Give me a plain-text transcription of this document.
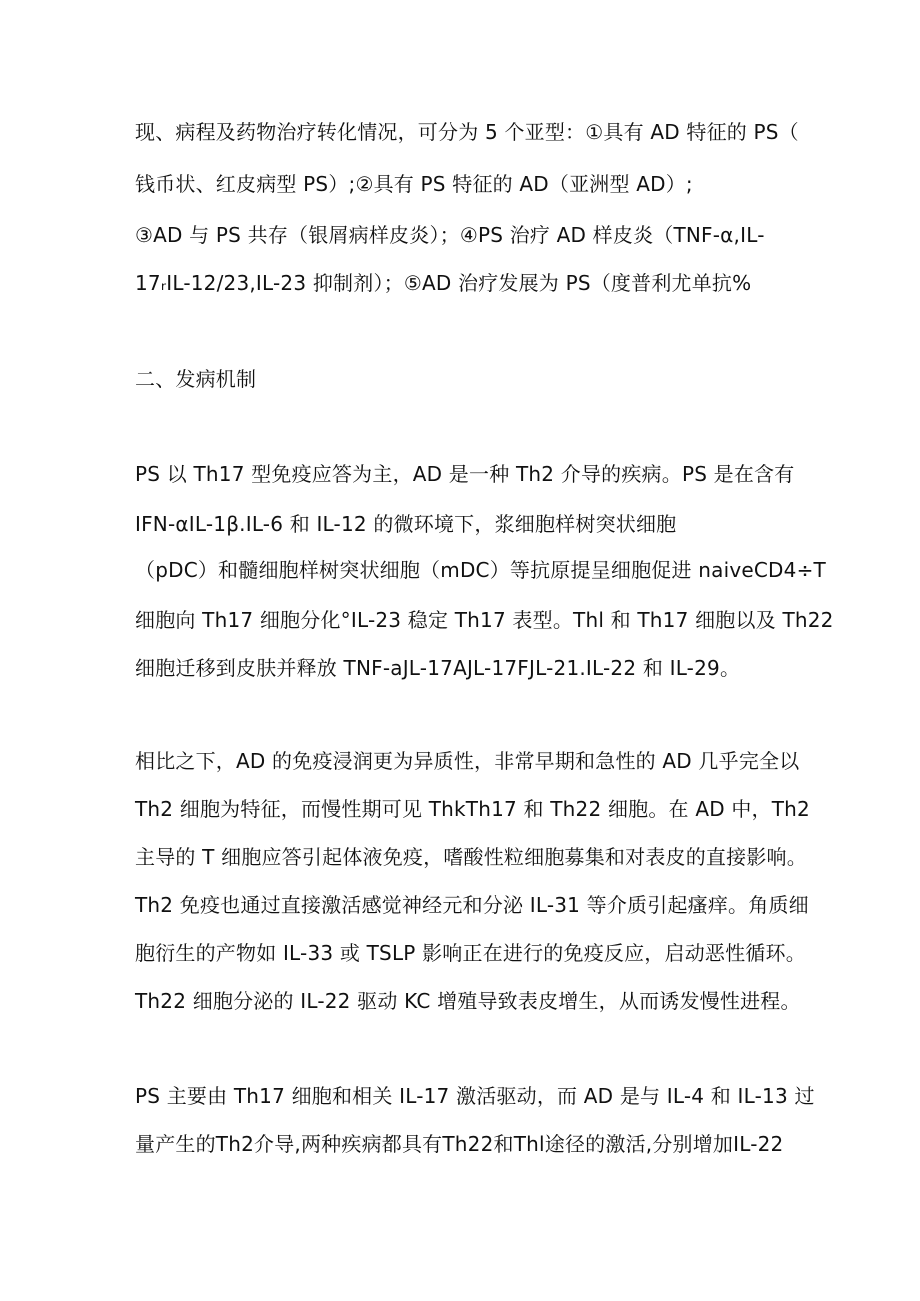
现、病程及药物治疗转化情况，可分为 5 个亚型：①具有 AD 特征的 PS（
钱币状、红皮病型 PS）;②具有 PS 特征的 AD（亚洲型 AD）;
③AD 与 PS 共存（银屑病样皮炎）；④PS 治疗 AD 样皮炎（TNF-α,IL-
17ᵣIL-12/23,IL-23 抑制剂）；⑤AD 治疗发展为 PS（度普利尤单抗%
二、发病机制
PS 以 Th17 型免疫应答为主，AD 是一种 Th2 介导的疾病。PS 是在含有
IFN-αIL-1β.IL-6 和 IL-12 的微环境下，浆细胞样树突状细胞
（pDC）和髓细胞样树突状细胞（mDC）等抗原提呈细胞促进 naiveCD4÷T
细胞向 Th17 细胞分化°IL-23 稳定 Th17 表型。Thl 和 Th17 细胞以及 Th22
细胞迁移到皮肤并释放 TNF-aJL-17AJL-17FJL-21.IL-22 和 IL-29。
相比之下，AD 的免疫浸润更为异质性，非常早期和急性的 AD 几乎完全以
Th2 细胞为特征，而慢性期可见 ThkTh17 和 Th22 细胞。在 AD 中，Th2
主导的 T 细胞应答引起体液免疫，嗜酸性粒细胞募集和对表皮的直接影响。
Th2 免疫也通过直接激活感觉神经元和分泌 IL-31 等介质引起瘙痒。角质细
胞衍生的产物如 IL-33 或 TSLP 影响正在进行的免疫反应，启动恶性循环。
Th22 细胞分泌的 IL-22 驱动 KC 增殖导致表皮增生，从而诱发慢性进程。
PS 主要由 Th17 细胞和相关 IL-17 激活驱动，而 AD 是与 IL-4 和 IL-13 过
量产生的Th2介导,两种疾病都具有Th22和Thl途径的激活,分别增加IL-22
